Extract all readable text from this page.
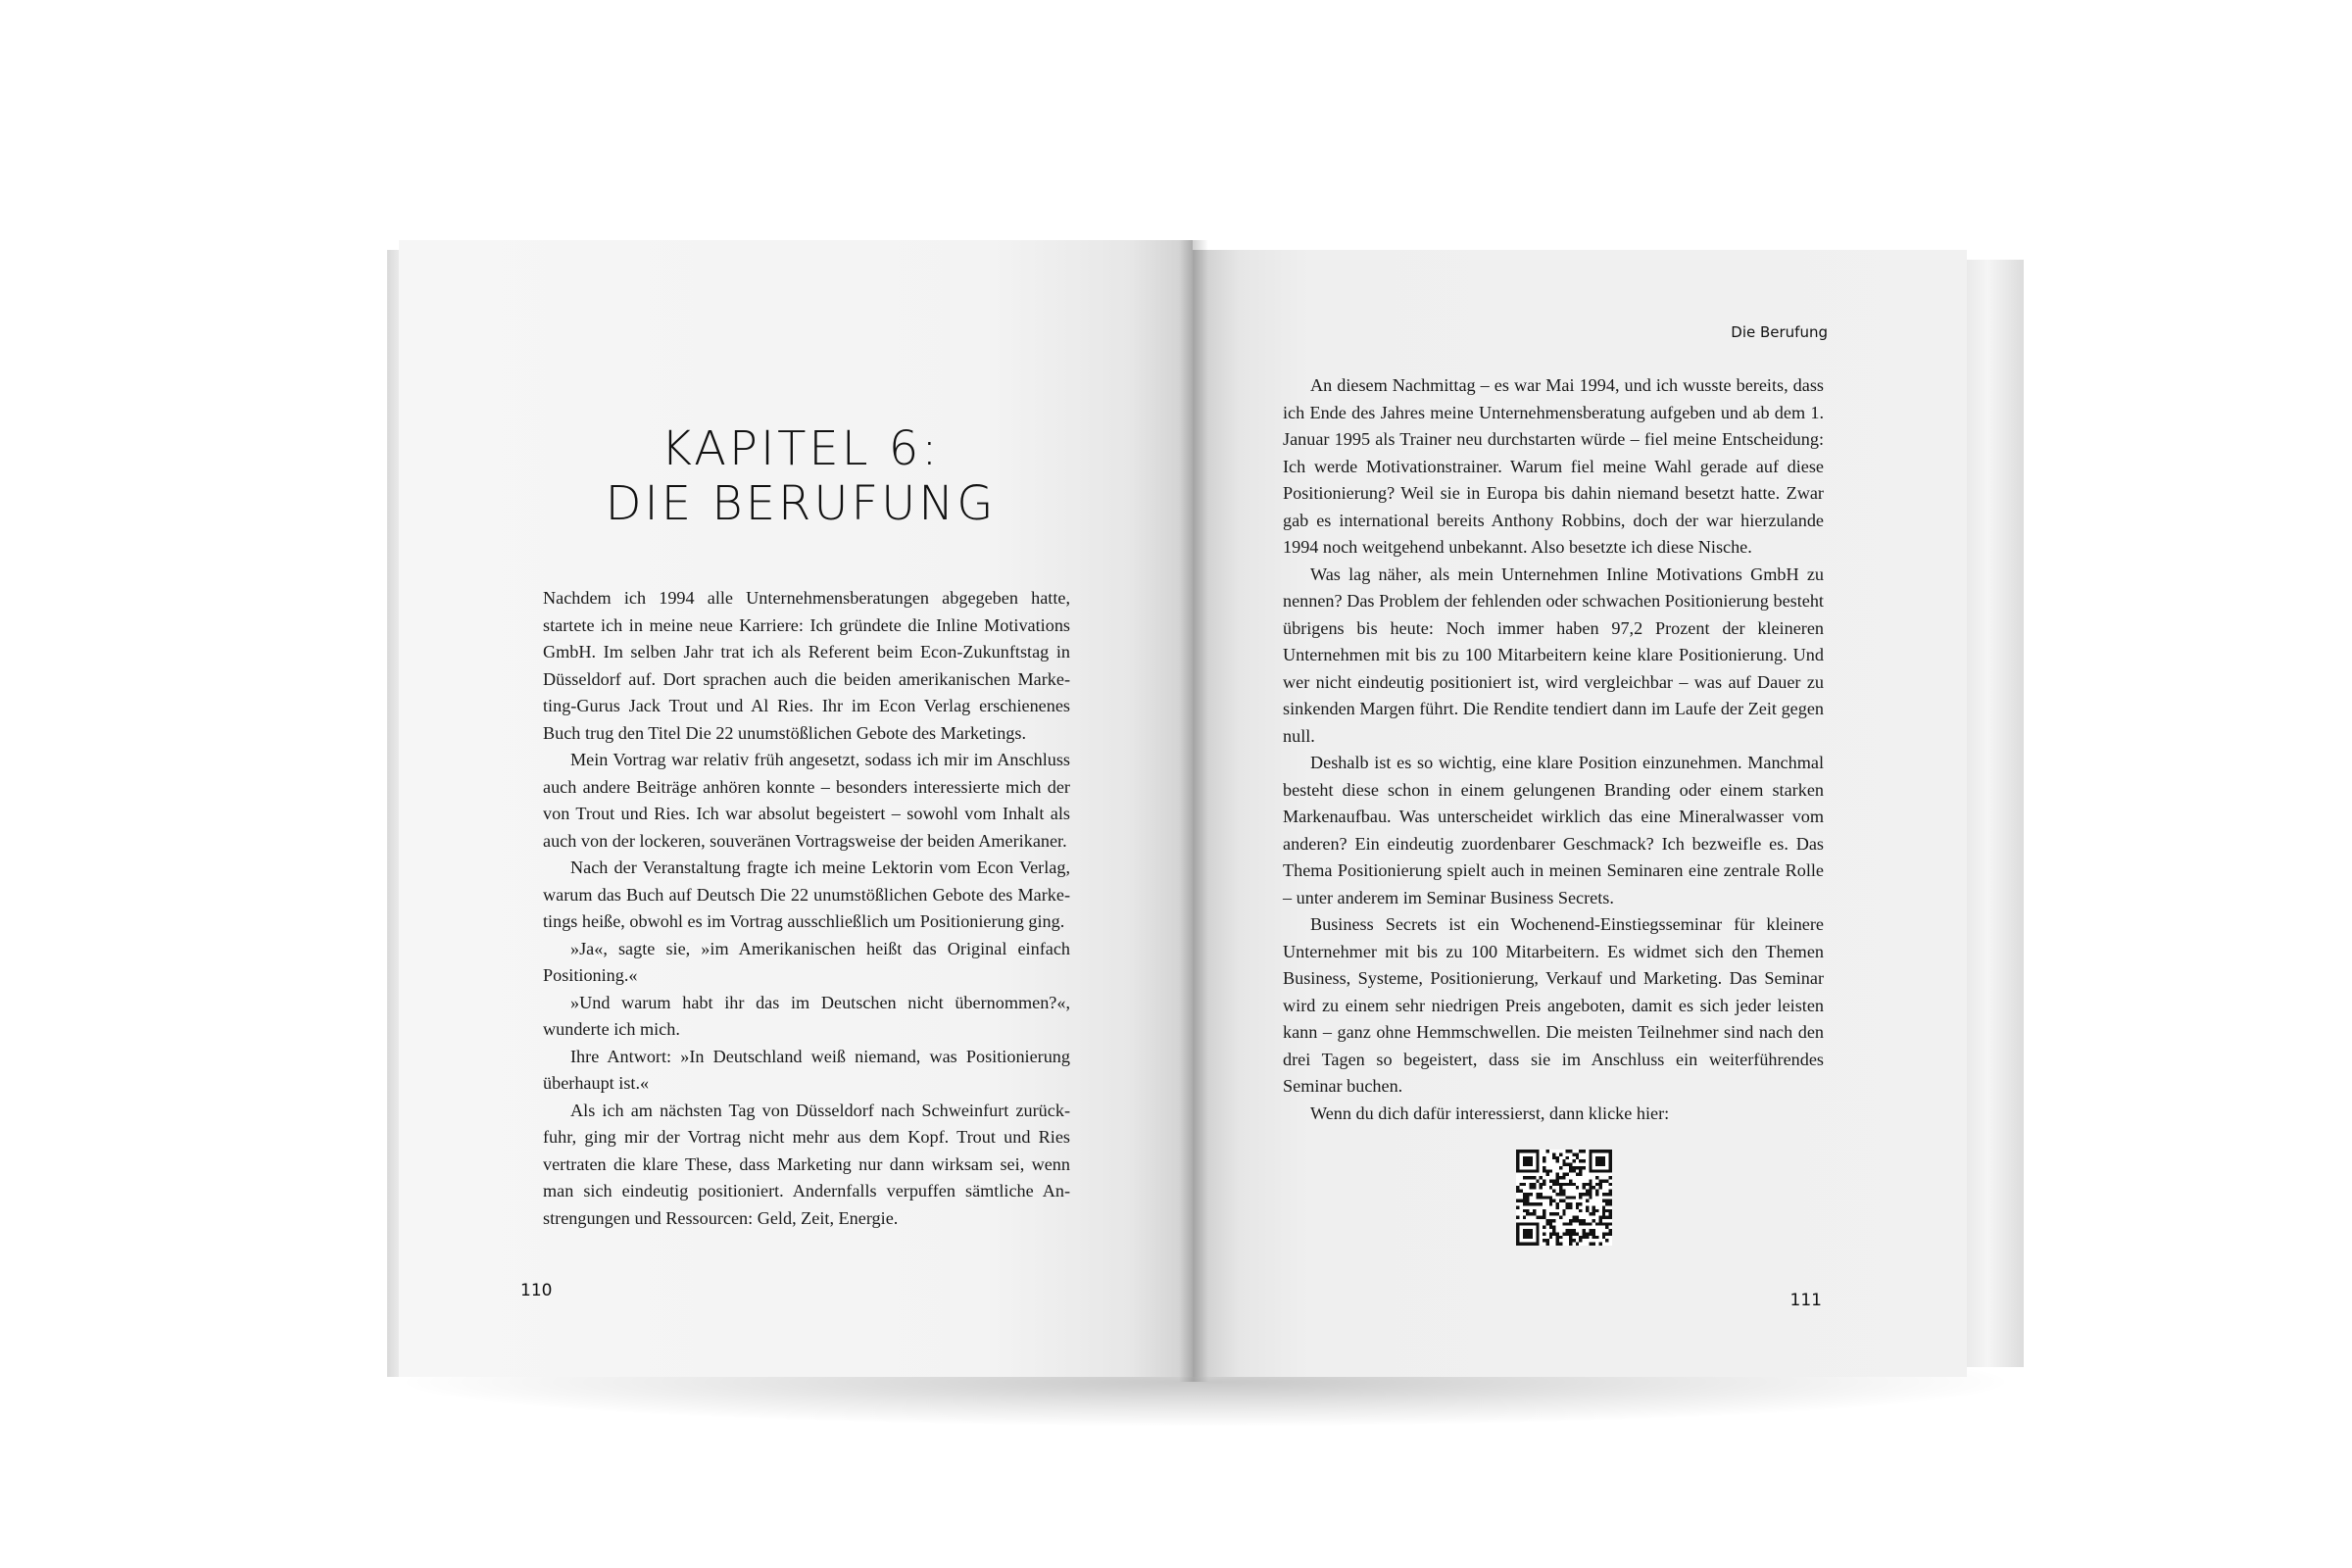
KAPITEL 6:
DIE BERUFUNG

Nachdem ich 1994 alle Unternehmensberatungen abgegeben hatte, startete ich in meine neue Karriere: Ich gründete die Inline Motivations GmbH. Im selben Jahr trat ich als Referent beim Econ-Zukunftstag in Düsseldorf auf. Dort sprachen auch die beiden amerikanischen Marketing-Gurus Jack Trout und Al Ries. Ihr im Econ Verlag erschienenes Buch trug den Titel Die 22 unumstößlichen Gebote des Marketings.

Mein Vortrag war relativ früh angesetzt, sodass ich mir im Anschluss auch andere Beiträge anhören konnte – besonders interessierte mich der von Trout und Ries. Ich war absolut begeistert – sowohl vom Inhalt als auch von der lockeren, souveränen Vortragsweise der beiden Amerikaner.

Nach der Veranstaltung fragte ich meine Lektorin vom Econ Verlag, warum das Buch auf Deutsch Die 22 unumstößlichen Gebote des Marketings heiße, obwohl es im Vortrag ausschließlich um Positionierung ging.

»Ja«, sagte sie, »im Amerikanischen heißt das Original einfach Positioning.«

»Und warum habt ihr das im Deutschen nicht übernommen?«, wunderte ich mich.

Ihre Antwort: »In Deutschland weiß niemand, was Positionierung überhaupt ist.«

Als ich am nächsten Tag von Düsseldorf nach Schweinfurt zurückfuhr, ging mir der Vortrag nicht mehr aus dem Kopf. Trout und Ries vertraten die klare These, dass Marketing nur dann wirksam sei, wenn man sich eindeutig positioniert. Andernfalls verpuffen sämtliche Anstrengungen und Ressourcen: Geld, Zeit, Energie.

110
Die Berufung

An diesem Nachmittag – es war Mai 1994, und ich wusste bereits, dass ich Ende des Jahres meine Unternehmensberatung aufgeben und ab dem 1. Januar 1995 als Trainer neu durchstarten würde – fiel meine Entscheidung: Ich werde Motivationstrainer. Warum fiel meine Wahl gerade auf diese Positionierung? Weil sie in Europa bis dahin niemand besetzt hatte. Zwar gab es international bereits Anthony Robbins, doch der war hierzulande 1994 noch weitgehend unbekannt. Also besetzte ich diese Nische.

Was lag näher, als mein Unternehmen Inline Motivations GmbH zu nennen? Das Problem der fehlenden oder schwachen Positionierung besteht übrigens bis heute: Noch immer haben 97,2 Prozent der kleineren Unternehmen mit bis zu 100 Mitarbeitern keine klare Positionierung. Und wer nicht eindeutig positioniert ist, wird vergleichbar – was auf Dauer zu sinkenden Margen führt. Die Rendite tendiert dann im Laufe der Zeit gegen null.

Deshalb ist es so wichtig, eine klare Position einzunehmen. Manchmal besteht diese schon in einem gelungenen Branding oder einem starken Markenaufbau. Was unterscheidet wirklich das eine Mineralwasser vom anderen? Ein eindeutig zuordenbarer Geschmack? Ich bezweifle es. Das Thema Positionierung spielt auch in meinen Seminaren eine zentrale Rolle – unter anderem im Seminar Business Secrets.

Business Secrets ist ein Wochenend-Einstiegsseminar für kleinere Unternehmer mit bis zu 100 Mitarbeitern. Es widmet sich den Themen Business, Systeme, Positionierung, Verkauf und Marketing. Das Seminar wird zu einem sehr niedrigen Preis angeboten, damit es sich jeder leisten kann – ganz ohne Hemmschwellen. Die meisten Teilnehmer sind nach den drei Tagen so begeistert, dass sie im Anschluss ein weiterführendes Seminar buchen.

Wenn du dich dafür interessierst, dann klicke hier:

111
